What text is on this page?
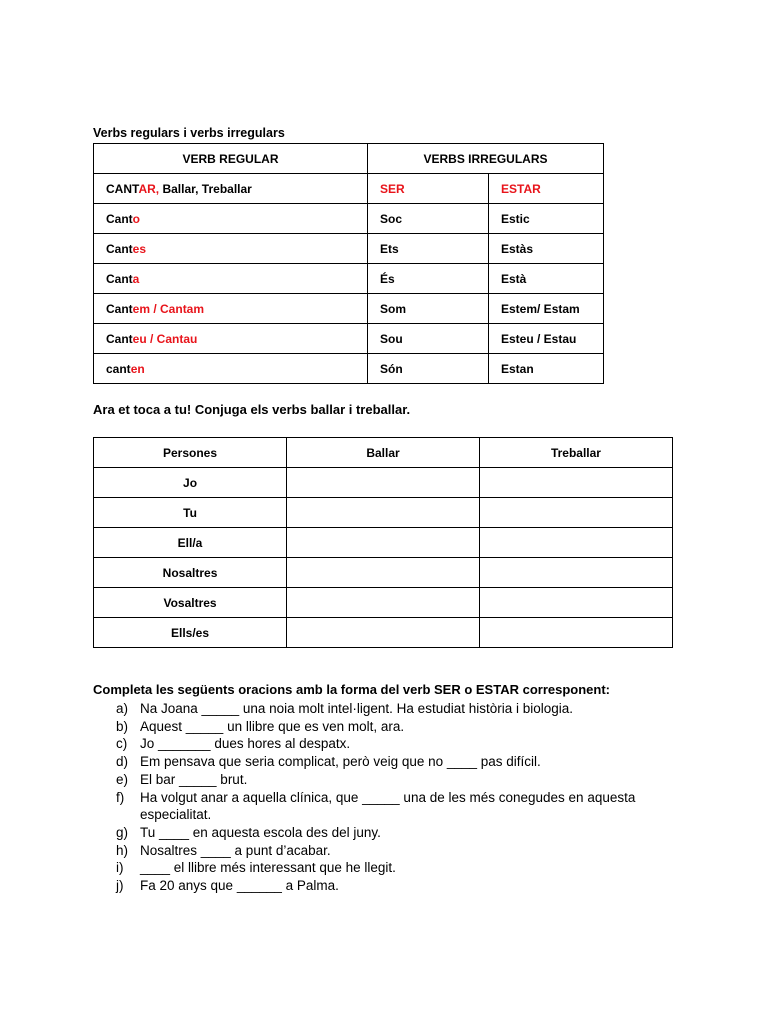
Verbs regulars i verbs irregulars
VERB REGULAR	VERBS IRREGULARS	
CANTAR, Ballar, Treballar	SER	ESTAR
Canto	Soc	Estic
Cantes	Ets	Estàs
Canta	És	Està
Cantem / Cantam	Som	Estem/ Estam
Canteu / Cantau	Sou	Esteu / Estau
canten	Són	Estan
Ara et toca a tu! Conjuga els verbs ballar i treballar.
Persones	Ballar	Treballar
Jo		
Tu		
Ell/a		
Nosaltres		
Vosaltres		
Ells/es		
Completa les següents oracions amb la forma del verb SER o ESTAR corresponent:
a) Na Joana _____ una noia molt intel·ligent. Ha estudiat història i biologia.
b) Aquest _____ un llibre que es ven molt, ara.
c) Jo _______ dues hores al despatx.
d) Em pensava que seria complicat, però veig que no ____ pas difícil.
e) El bar _____ brut.
f) Ha volgut anar a aquella clínica, que _____ una de les més conegudes en aquesta especialitat.
g) Tu ____ en aquesta escola des del juny.
h) Nosaltres ____ a punt d’acabar.
i) ____ el llibre més interessant que he llegit.
j) Fa 20 anys que ______ a Palma.
